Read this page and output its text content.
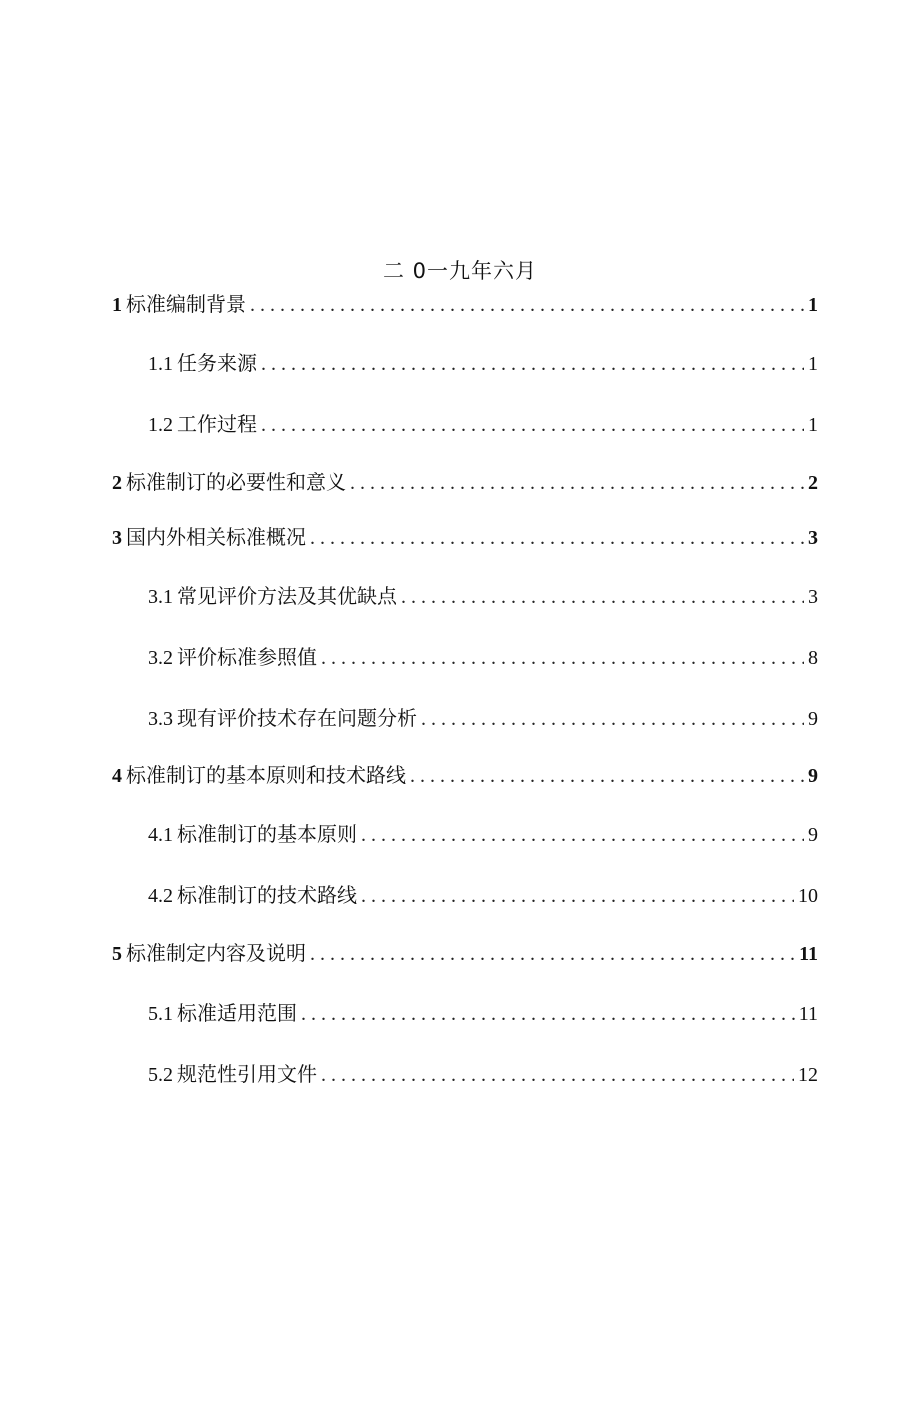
二 0一九年六月
1 标准编制背景 . . .	1
1.1 任务来源 . . .	1
1.2 工作过程 . . .	1
2 标准制订的必要性和意义 . . .	2
3 国内外相关标准概况 . . .	3
3.1 常见评价方法及其优缺点 . . .	3
3.2 评价标准参照值 . . .	8
3.3 现有评价技术存在问题分析 . . .	9
4 标准制订的基本原则和技术路线 . . .	9
4.1 标准制订的基本原则 . . .	9
4.2 标准制订的技术路线 . . .	10
5 标准制定内容及说明 . . .	11
5.1 标准适用范围 . . .	11
5.2 规范性引用文件 . . .	12
